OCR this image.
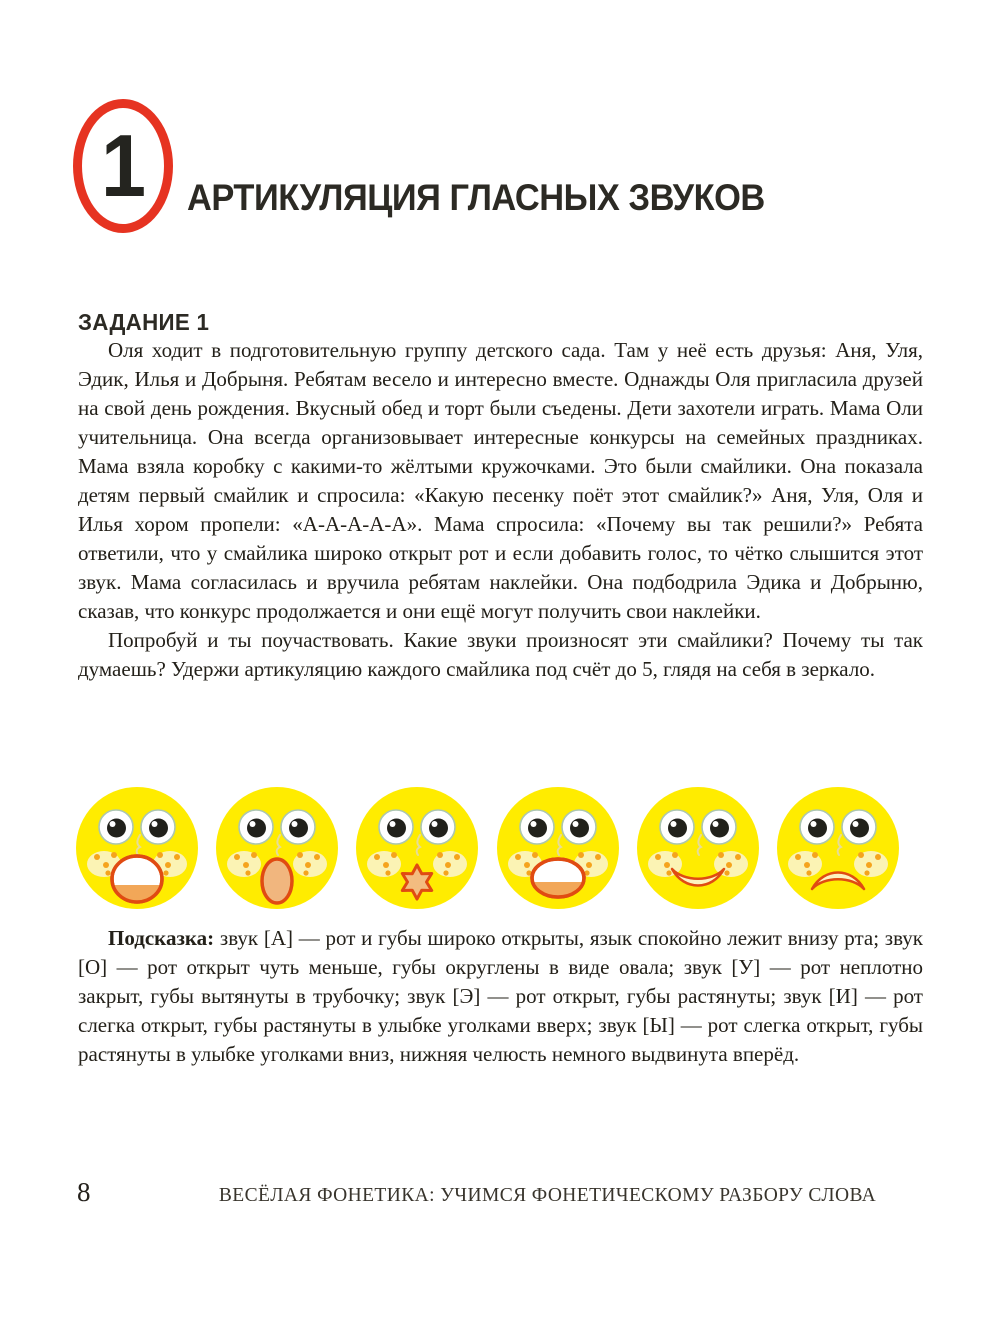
1 АРТИКУЛЯЦИЯ ГЛАСНЫХ ЗВУКОВ
ЗАДАНИЕ 1

Оля ходит в подготовительную группу детского сада. Там у неё есть друзья: Аня, Уля, Эдик, Илья и Добрыня. Ребятам весело и интересно вместе. Однажды Оля пригласила друзей на свой день рождения. Вкусный обед и торт были съедены. Дети захотели играть. Мама Оли учительница. Она всегда организовывает интересные конкурсы на семейных праздниках. Мама взяла коробку с какими-то жёлтыми кружочками. Это были смайлики. Она показала детям первый смайлик и спросила: «Какую песенку поёт этот смайлик?» Аня, Уля, Оля и Илья хором пропели: «А-А-А-А-А». Мама спросила: «Почему вы так решили?» Ребята ответили, что у смайлика широко открыт рот и если добавить голос, то чётко слышится этот звук. Мама согласилась и вручила ребятам наклейки. Она подбодрила Эдика и Добрыню, сказав, что конкурс продолжается и они ещё могут получить свои наклейки.

Попробуй и ты поучаствовать. Какие звуки произносят эти смайлики? Почему ты так думаешь? Удержи артикуляцию каждого смайлика под счёт до 5, глядя на себя в зеркало.

Подсказка: звук [А] — рот и губы широко открыты, язык спокойно лежит внизу рта; звук [О] — рот открыт чуть меньше, губы округлены в виде овала; звук [У] — рот неплотно закрыт, губы вытянуты в трубочку; звук [Э] — рот открыт, губы растянуты; звук [И] — рот слегка открыт, губы растянуты в улыбке уголками вверх; звук [Ы] — рот слегка открыт, губы растянуты в улыбке уголками вниз, нижняя челюсть немного выдвинута вперёд.

8	ВЕСЁЛАЯ ФОНЕТИКА: УЧИМСЯ ФОНЕТИЧЕСКОМУ РАЗБОРУ СЛОВА
